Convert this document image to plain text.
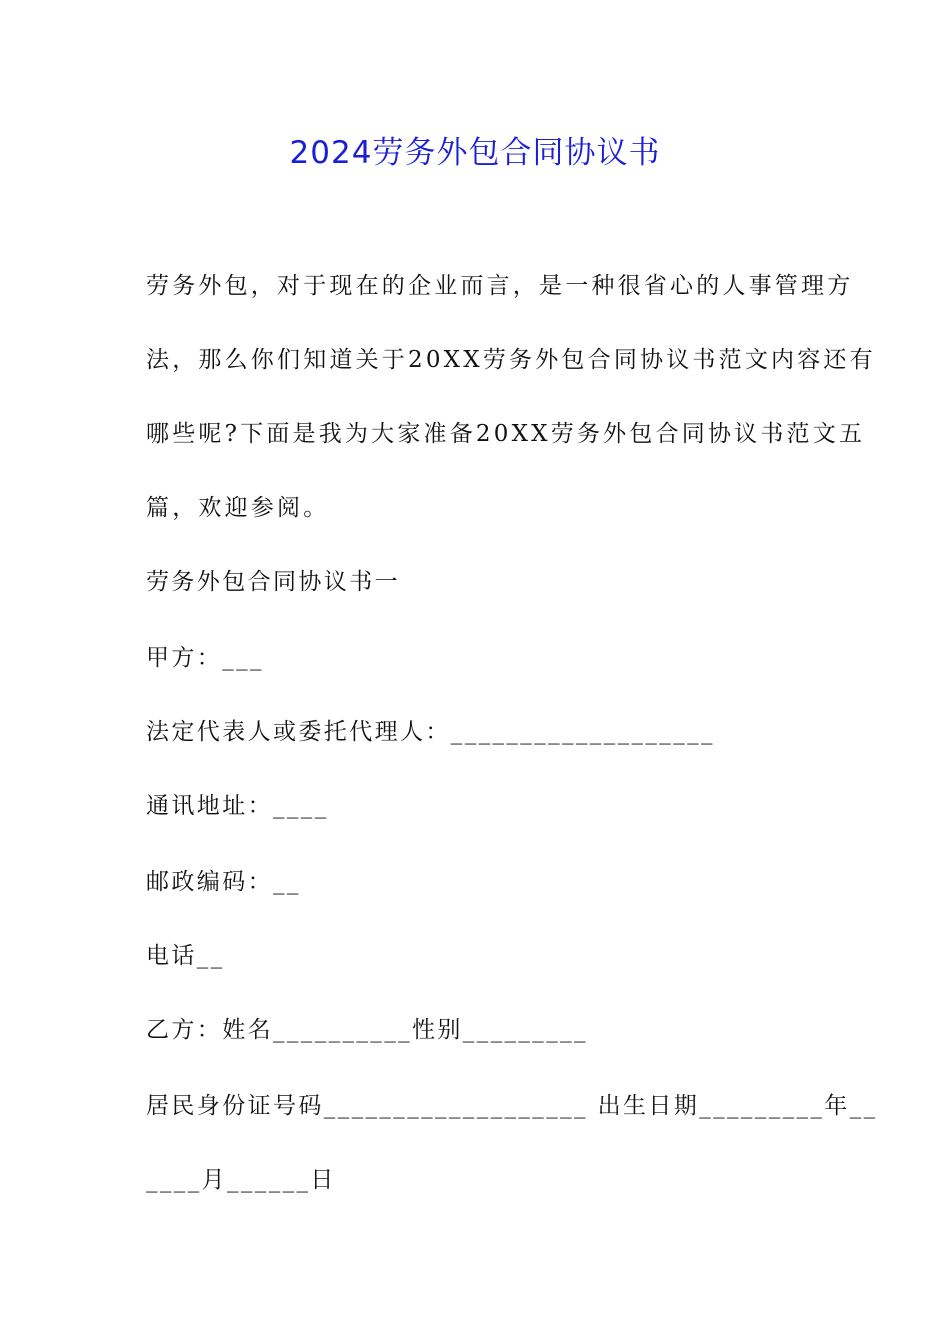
2024劳务外包合同协议书
劳务外包，对于现在的企业而言，是一种很省心的人事管理方
法，那么你们知道关于20XX劳务外包合同协议书范文内容还有
哪些呢?下面是我为大家准备20XX劳务外包合同协议书范文五
篇，欢迎参阅。
劳务外包合同协议书一
甲方：___
法定代表人或委托代理人：___________________
通讯地址：____
邮政编码：__
电话__
乙方：姓名__________性别_________
居民身份证号码___________________ 出生日期_________年__
____月______日
